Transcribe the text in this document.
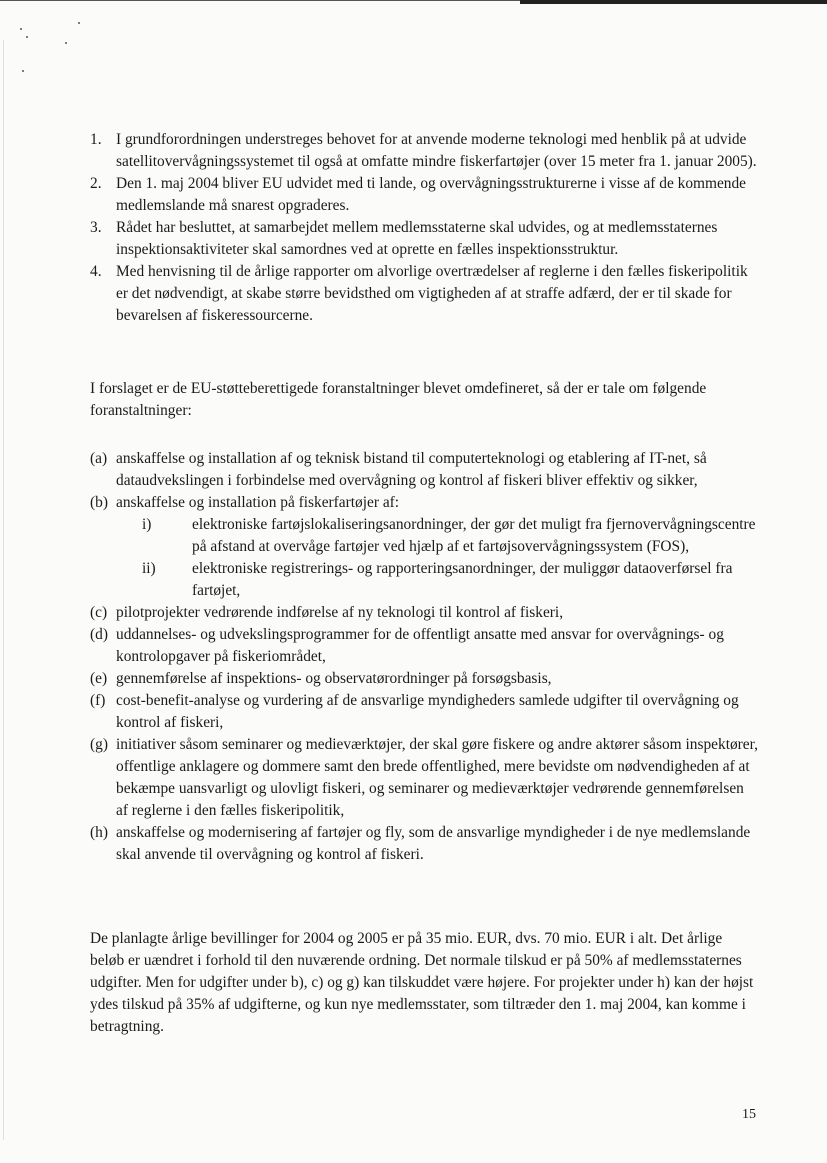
1. I grundforordningen understreges behovet for at anvende moderne teknologi med henblik på at udvide satellitovervågningssystemet til også at omfatte mindre fiskerfartøjer (over 15 meter fra 1. januar 2005).
2. Den 1. maj 2004 bliver EU udvidet med ti lande, og overvågningsstrukturerne i visse af de kommende medlemslande må snarest opgraderes.
3. Rådet har besluttet, at samarbejdet mellem medlemsstaterne skal udvides, og at medlemsstaternes inspektionsaktiviteter skal samordnes ved at oprette en fælles inspektionsstruktur.
4. Med henvisning til de årlige rapporter om alvorlige overtrædelser af reglerne i den fælles fiskeripolitik er det nødvendigt, at skabe større bevidsthed om vigtigheden af at straffe adfærd, der er til skade for bevarelsen af fiskeressourcerne.
I forslaget er de EU-støtteberettigede foranstaltninger blevet omdefineret, så der er tale om følgende foranstaltninger:
(a) anskaffelse og installation af og teknisk bistand til computerteknologi og etablering af IT-net, så dataudvekslingen i forbindelse med overvågning og kontrol af fiskeri bliver effektiv og sikker,
(b) anskaffelse og installation på fiskerfartøjer af:
i)	elektroniske fartøjslokaliseringsanordninger, der gør det muligt fra fjernovervågningscentre på afstand at overvåge fartøjer ved hjælp af et fartøjsovervågningssystem (FOS),
ii) elektroniske registrerings- og rapporteringsanordninger, der muliggør dataoverførsel fra fartøjet,
(c) pilotprojekter vedrørende indførelse af ny teknologi til kontrol af fiskeri,
(d) uddannelses- og udvekslingsprogrammer for de offentligt ansatte med ansvar for overvågnings- og kontrolopgaver på fiskeriområdet,
(e) gennemførelse af inspektions- og observatørordninger på forsøgsbasis,
(f) cost-benefit-analyse og vurdering af de ansvarlige myndigheders samlede udgifter til overvågning og kontrol af fiskeri,
(g) initiativer såsom seminarer og medieværktøjer, der skal gøre fiskere og andre aktører såsom inspektører, offentlige anklagere og dommere samt den brede offentlighed, mere bevidste om nødvendigheden af at bekæmpe uansvarligt og ulovligt fiskeri, og seminarer og medieværktøjer vedrørende gennemførelsen af reglerne i den fælles fiskeripolitik,
(h) anskaffelse og modernisering af fartøjer og fly, som de ansvarlige myndigheder i de nye medlemslande skal anvende til overvågning og kontrol af fiskeri.
De planlagte årlige bevillinger for 2004 og 2005 er på 35 mio. EUR, dvs. 70 mio. EUR i alt. Det årlige beløb er uændret i forhold til den nuværende ordning. Det normale tilskud er på 50% af medlemsstaternes udgifter. Men for udgifter under b), c) og g) kan tilskuddet være højere. For projekter under h) kan der højst ydes tilskud på 35% af udgifterne, og kun nye medlemsstater, som tiltræder den 1. maj 2004, kan komme i betragtning.
15
